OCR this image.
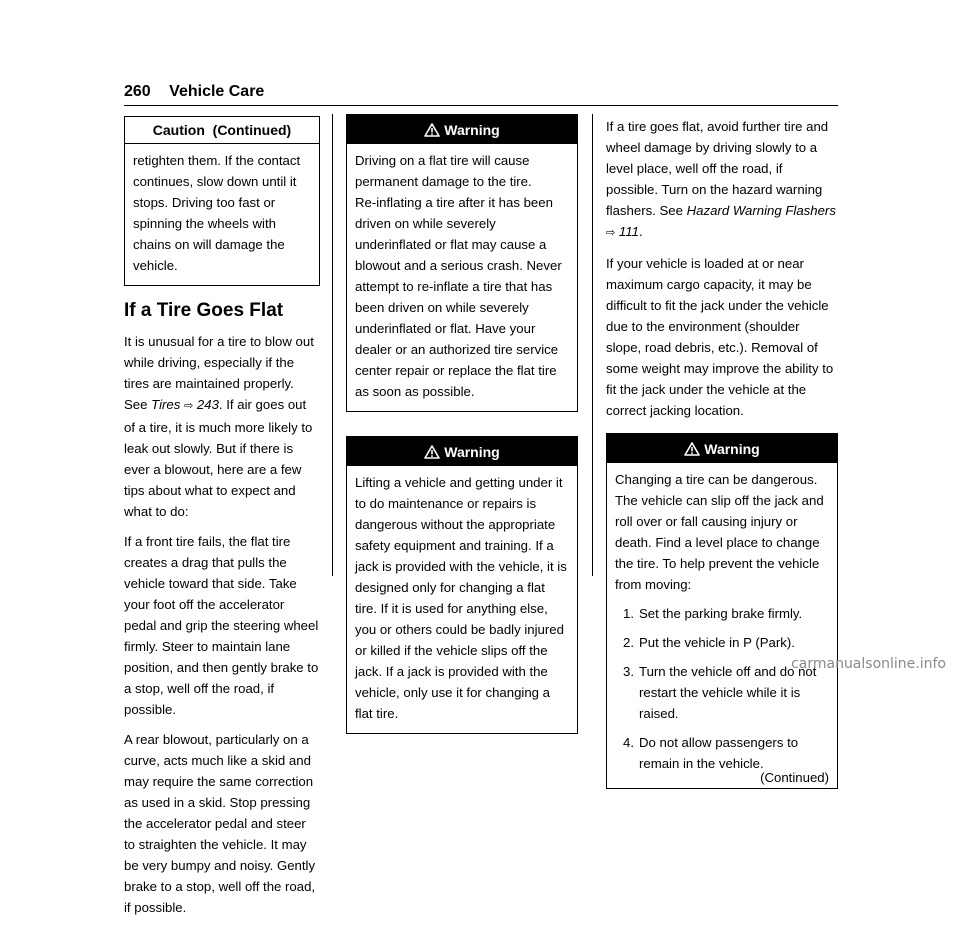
260 Vehicle Care
Caution  (Continued)

retighten them. If the contact continues, slow down until it stops. Driving too fast or spinning the wheels with chains on will damage the vehicle.

If a Tire Goes Flat

It is unusual for a tire to blow out while driving, especially if the tires are maintained properly. See Tires ⇨ 243. If air goes out of a tire, it is much more likely to leak out slowly. But if there is ever a blowout, here are a few tips about what to expect and what to do:

If a front tire fails, the flat tire creates a drag that pulls the vehicle toward that side. Take your foot off the accelerator pedal and grip the steering wheel firmly. Steer to maintain lane position, and then gently brake to a stop, well off the road, if possible.

A rear blowout, particularly on a curve, acts much like a skid and may require the same correction as used in a skid. Stop pressing the accelerator pedal and steer to straighten the vehicle. It may be very bumpy and noisy. Gently brake to a stop, well off the road, if possible.

Warning

Driving on a flat tire will cause permanent damage to the tire.

Re-inflating a tire after it has been driven on while severely underinflated or flat may cause a blowout and a serious crash. Never attempt to re-inflate a tire that has been driven on while severely underinflated or flat. Have your dealer or an authorized tire service center repair or replace the flat tire as soon as possible.

Warning

Lifting a vehicle and getting under it to do maintenance or repairs is dangerous without the appropriate safety equipment and training. If a jack is provided with the vehicle, it is designed only for changing a flat tire. If it is used for anything else, you or others could be badly injured or killed if the vehicle slips off the jack. If a jack is provided with the vehicle, only use it for changing a flat tire.

If a tire goes flat, avoid further tire and wheel damage by driving slowly to a level place, well off the road, if possible. Turn on the hazard warning flashers. See Hazard Warning Flashers ⇨ 111.

If your vehicle is loaded at or near maximum cargo capacity, it may be difficult to fit the jack under the vehicle due to the environment (shoulder slope, road debris, etc.). Removal of some weight may improve the ability to fit the jack under the vehicle at the correct jacking location.

Warning

Changing a tire can be dangerous. The vehicle can slip off the jack and roll over or fall causing injury or death. Find a level place to change the tire. To help prevent the vehicle from moving:

1. Set the parking brake firmly.
2. Put the vehicle in P (Park).
3. Turn the vehicle off and do not restart the vehicle while it is raised.
4. Do not allow passengers to remain in the vehicle.
(Continued)
carmanualsonline.info
